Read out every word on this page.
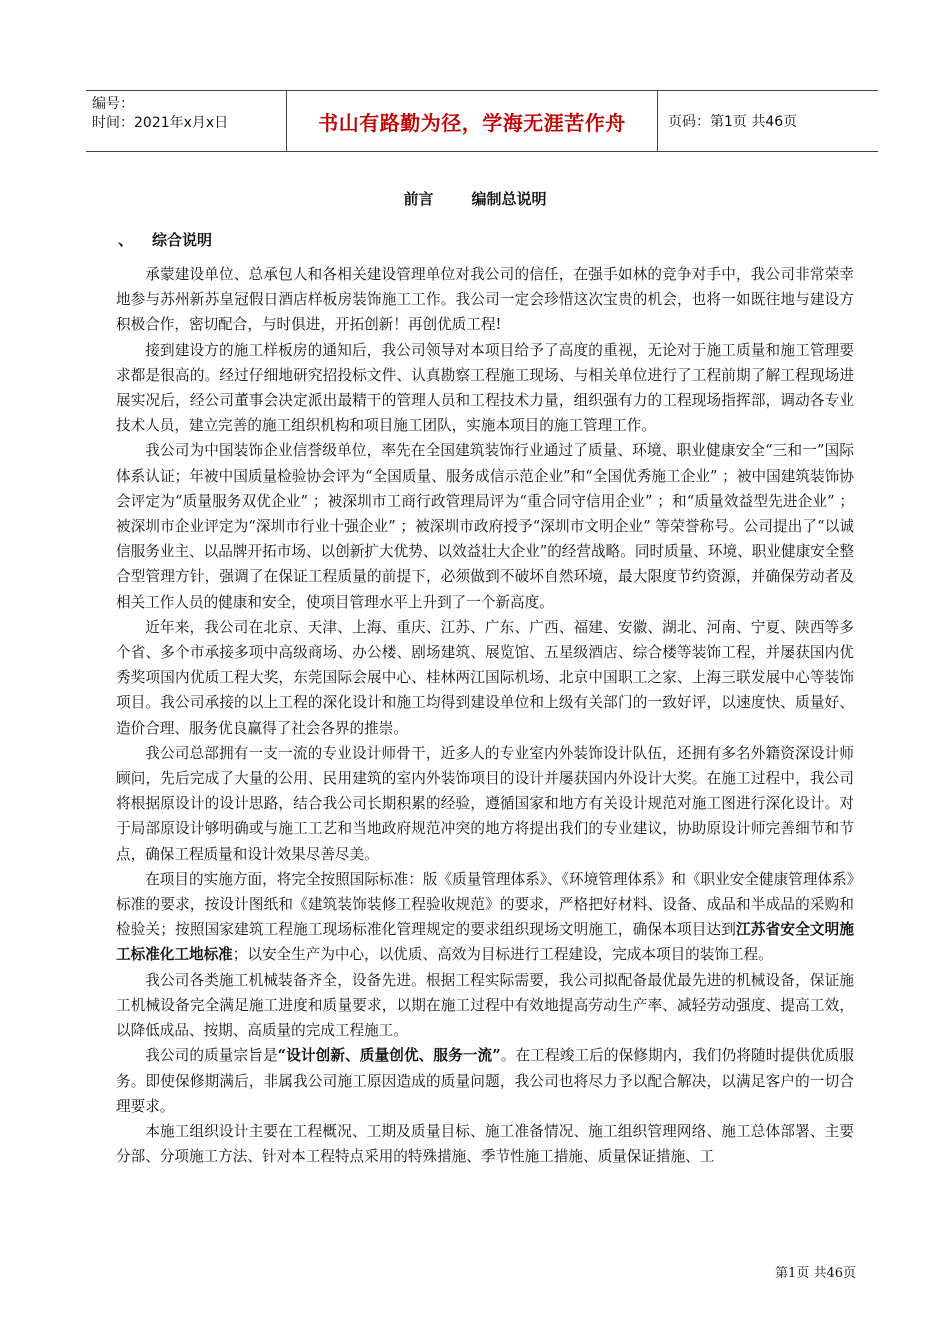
编号：
时间：2021年x月x日	书山有路勤为径，学海无涯苦作舟	页码：第1页 共46页
前言	编制总说明
、 综合说明

承蒙建设单位、总承包人和各相关建设管理单位对我公司的信任，在强手如林的竞争对手中，我公司非常荣幸地参与苏州新苏皇冠假日酒店样板房装饰施工工作。我公司一定会珍惜这次宝贵的机会，也将一如既往地与建设方积极合作，密切配合，与时俱进，开拓创新！再创优质工程!

接到建设方的施工样板房的通知后，我公司领导对本项目给予了高度的重视，无论对于施工质量和施工管理要求都是很高的。经过仔细地研究招投标文件、认真勘察工程施工现场、与相关单位进行了工程前期了解工程现场进展实况后，经公司董事会决定派出最精干的管理人员和工程技术力量，组织强有力的工程现场指挥部，调动各专业技术人员，建立完善的施工组织机构和项目施工团队，实施本项目的施工管理工作。

我公司为中国装饰企业信誉级单位，率先在全国建筑装饰行业通过了质量、环境、职业健康安全“三和一”国际体系认证；年被中国质量检验协会评为“全国质量、服务成信示范企业”和“全国优秀施工企业” ；被中国建筑装饰协会评定为“质量服务双优企业” ；被深圳市工商行政管理局评为“重合同守信用企业” ；和“质量效益型先进企业” ；被深圳市企业评定为“深圳市行业十强企业” ；被深圳市政府授予“深圳市文明企业” 等荣誉称号。公司提出了“以诚信服务业主、以品牌开拓市场、以创新扩大优势、以效益壮大企业”的经营战略。同时质量、环境、职业健康安全整合型管理方针，强调了在保证工程质量的前提下，必须做到不破坏自然环境，最大限度节约资源，并确保劳动者及相关工作人员的健康和安全，使项目管理水平上升到了一个新高度。

近年来，我公司在北京、天津、上海、重庆、江苏、广东、广西、福建、安徽、湖北、河南、宁夏、陕西等多个省、多个市承接多项中高级商场、办公楼、剧场建筑、展览馆、五星级酒店、综合楼等装饰工程，并屡获国内优秀奖项国内优质工程大奖，东莞国际会展中心、桂林两江国际机场、北京中国职工之家、上海三联发展中心等装饰项目。我公司承接的以上工程的深化设计和施工均得到建设单位和上级有关部门的一致好评，以速度快、质量好、造价合理、服务优良赢得了社会各界的推崇。

我公司总部拥有一支一流的专业设计师骨干，近多人的专业室内外装饰设计队伍，还拥有多名外籍资深设计师顾问，先后完成了大量的公用、民用建筑的室内外装饰项目的设计并屡获国内外设计大奖。在施工过程中，我公司将根据原设计的设计思路，结合我公司长期积累的经验，遵循国家和地方有关设计规范对施工图进行深化设计。对于局部原设计够明确或与施工工艺和当地政府规范冲突的地方将提出我们的专业建议，协助原设计师完善细节和节点，确保工程质量和设计效果尽善尽美。

在项目的实施方面，将完全按照国际标准：版《质量管理体系》、《环境管理体系》和《职业安全健康管理体系》标准的要求，按设计图纸和《建筑装饰装修工程验收规范》的要求，严格把好材料、设备、成品和半成品的采购和检验关；按照国家建筑工程施工现场标准化管理规定的要求组织现场文明施工，确保本项目达到江苏省安全文明施工标准化工地标准；以安全生产为中心，以优质、高效为目标进行工程建设，完成本项目的装饰工程。

我公司各类施工机械装备齐全，设备先进。根据工程实际需要，我公司拟配备最优最先进的机械设备，保证施工机械设备完全满足施工进度和质量要求，以期在施工过程中有效地提高劳动生产率、减轻劳动强度、提高工效，以降低成品、按期、高质量的完成工程施工。

我公司的质量宗旨是“设计创新、质量创优、服务一流”。在工程竣工后的保修期内，我们仍将随时提供优质服务。即使保修期满后，非属我公司施工原因造成的质量问题，我公司也将尽力予以配合解决，以满足客户的一切合理要求。

本施工组织设计主要在工程概况、工期及质量目标、施工准备情况、施工组织管理网络、施工总体部署、主要分部、分项施工方法、针对本工程特点采用的特殊措施、季节性施工措施、质量保证措施、工

第1页 共46页
